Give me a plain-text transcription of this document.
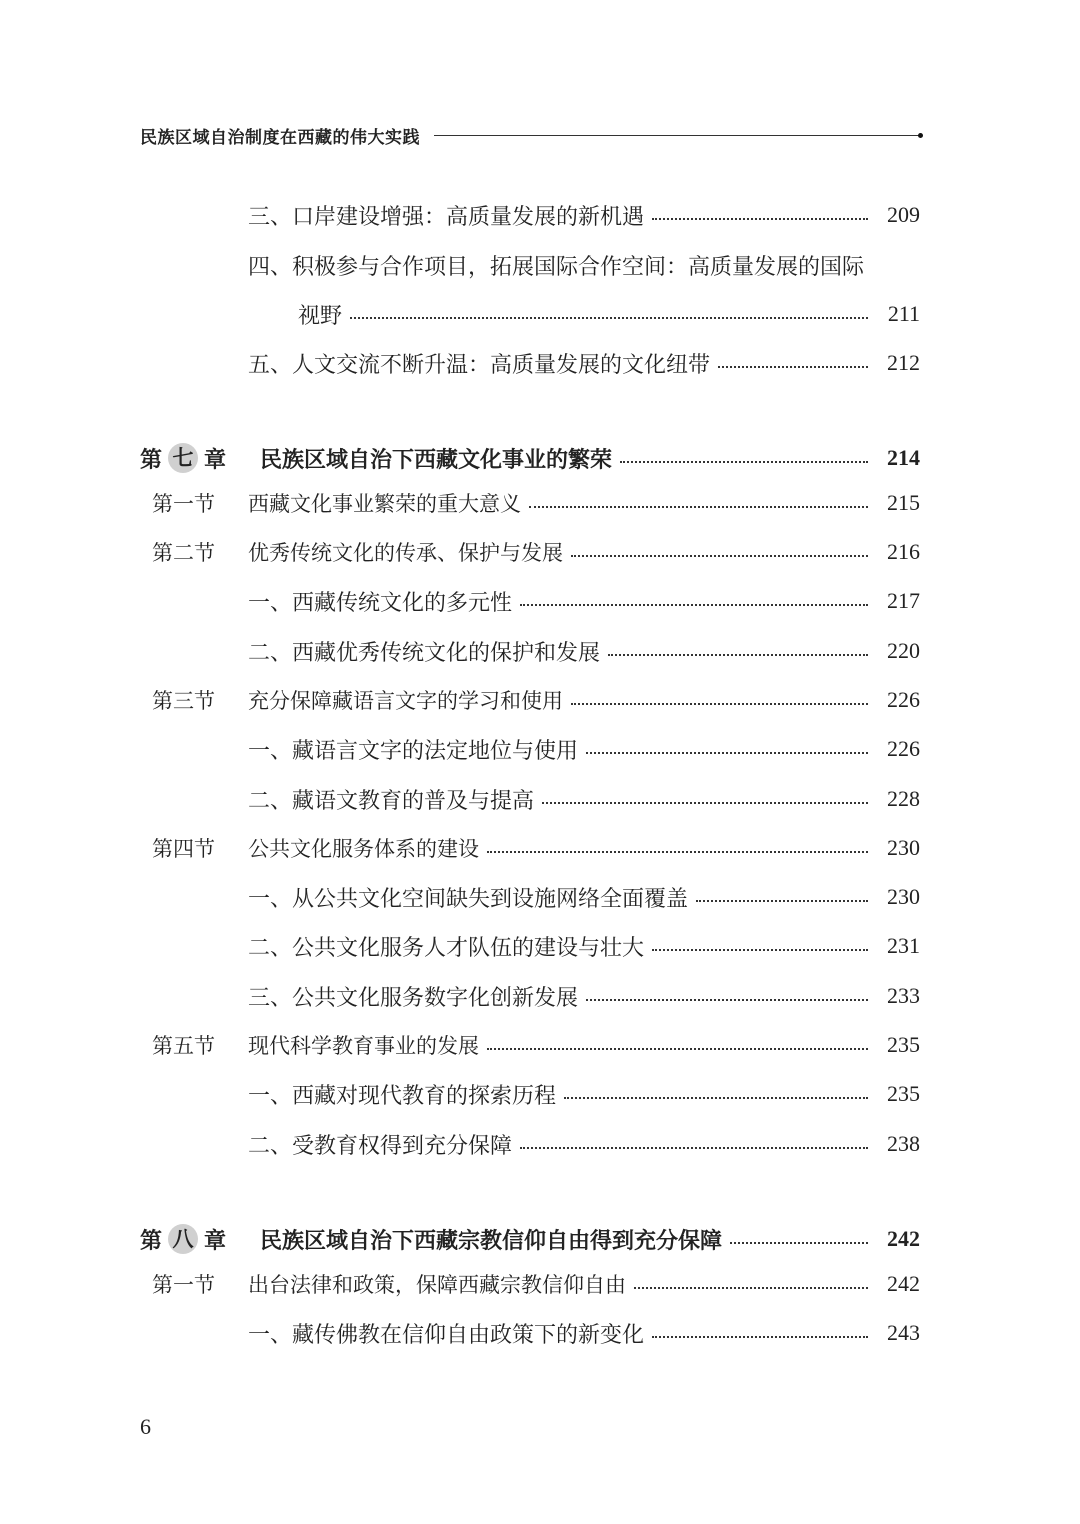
民族区域自治制度在西藏的伟大实践
三、口岸建设增强：高质量发展的新机遇	209
四、积极参与合作项目，拓展国际合作空间：高质量发展的国际
视野	211
五、人文交流不断升温：高质量发展的文化纽带	212
第 七 章 民族区域自治下西藏文化事业的繁荣	214
第一节	西藏文化事业繁荣的重大意义	215
第二节	优秀传统文化的传承、保护与发展	216
一、西藏传统文化的多元性	217
二、西藏优秀传统文化的保护和发展	220
第三节	充分保障藏语言文字的学习和使用	226
一、藏语言文字的法定地位与使用	226
二、藏语文教育的普及与提高	228
第四节	公共文化服务体系的建设	230
一、从公共文化空间缺失到设施网络全面覆盖	230
二、公共文化服务人才队伍的建设与壮大	231
三、公共文化服务数字化创新发展	233
第五节	现代科学教育事业的发展	235
一、西藏对现代教育的探索历程	235
二、受教育权得到充分保障	238
第 八 章 民族区域自治下西藏宗教信仰自由得到充分保障	242
第一节	出台法律和政策，保障西藏宗教信仰自由	242
一、藏传佛教在信仰自由政策下的新变化	243
6
